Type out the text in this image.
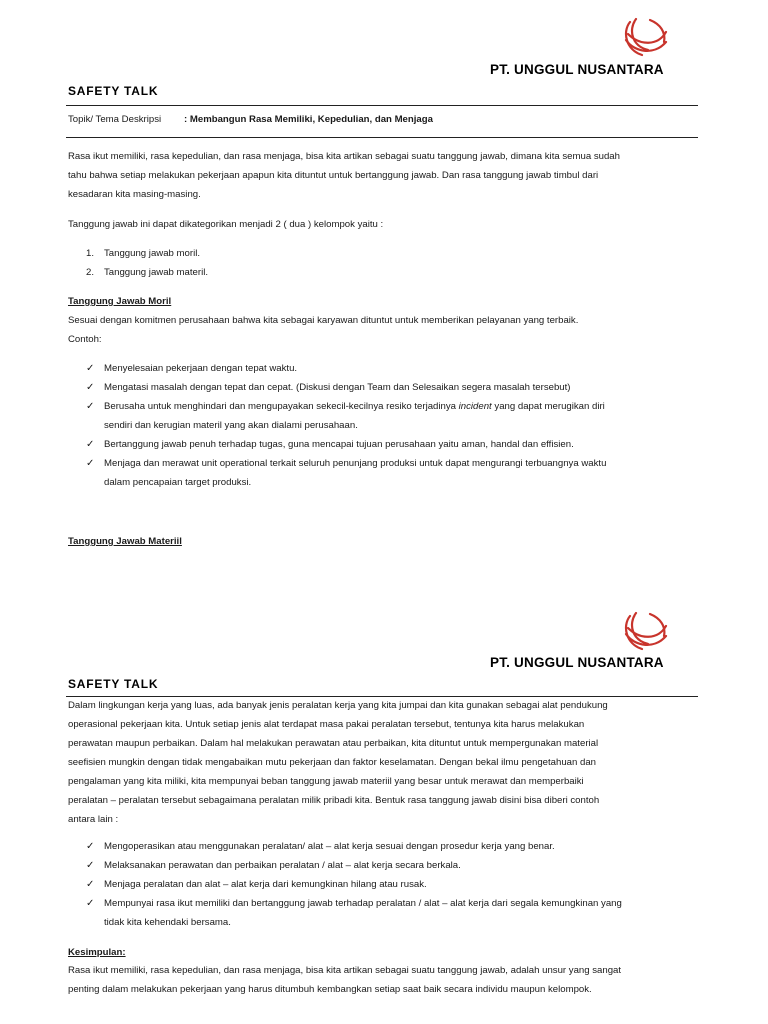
PT. UNGGUL NUSANTARA
SAFETY TALK
Topik/ Tema Deskripsi : Membangun Rasa Memiliki, Kepedulian, dan Menjaga

Rasa ikut memiliki, rasa kepedulian, dan rasa menjaga, bisa kita artikan sebagai suatu tanggung jawab, dimana kita semua sudah

tahu bahwa setiap melakukan pekerjaan apapun kita dituntut untuk bertanggung jawab. Dan rasa tanggung jawab timbul dari

kesadaran kita masing-masing.

Tanggung jawab ini dapat dikategorikan menjadi 2 ( dua ) kelompok yaitu :
1. Tanggung jawab moril.
2. Tanggung jawab materil.
Tanggung Jawab Moril
Sesuai dengan komitmen perusahaan bahwa kita sebagai karyawan dituntut untuk memberikan pelayanan yang terbaik.
Contoh:
✓ Menyelesaian pekerjaan dengan tepat waktu.
✓ Mengatasi masalah dengan tepat dan cepat. (Diskusi dengan Team dan Selesaikan segera masalah tersebut)
✓ Berusaha untuk menghindari dan mengupayakan sekecil-kecilnya resiko terjadinya incident yang dapat merugikan diri
sendiri dan kerugian materil yang akan dialami perusahaan.
✓ Bertanggung jawab penuh terhadap tugas, guna mencapai tujuan perusahaan yaitu aman, handal dan effisien.
✓ Menjaga dan merawat unit operational terkait seluruh penunjang produksi untuk dapat mengurangi terbuangnya waktu
dalam pencapaian target produksi.
Tanggung Jawab Materiil
PT. UNGGUL NUSANTARA
SAFETY TALK

Dalam lingkungan kerja yang luas, ada banyak jenis peralatan kerja yang kita jumpai dan kita gunakan sebagai alat pendukung

operasional pekerjaan kita. Untuk setiap jenis alat terdapat masa pakai peralatan tersebut, tentunya kita harus melakukan

perawatan maupun perbaikan. Dalam hal melakukan perawatan atau perbaikan, kita dituntut untuk mempergunakan material

seefisien mungkin dengan tidak mengabaikan mutu pekerjaan dan faktor keselamatan. Dengan bekal ilmu pengetahuan dan

pengalaman yang kita miliki, kita mempunyai beban tanggung jawab materiil yang besar untuk merawat dan memperbaiki

peralatan – peralatan tersebut sebagaimana peralatan milik pribadi kita. Bentuk rasa tanggung jawab disini bisa diberi contoh

antara lain :

✓ Mengoperasikan atau menggunakan peralatan/ alat – alat kerja sesuai dengan prosedur kerja yang benar.
✓ Melaksanakan perawatan dan perbaikan peralatan / alat – alat kerja secara berkala.
✓ Menjaga peralatan dan alat – alat kerja dari kemungkinan hilang atau rusak.
✓ Mempunyai rasa ikut memiliki dan bertanggung jawab terhadap peralatan / alat – alat kerja dari segala kemungkinan yang
tidak kita kehendaki bersama.
Kesimpulan:

Rasa ikut memiliki, rasa kepedulian, dan rasa menjaga, bisa kita artikan sebagai suatu tanggung jawab, adalah unsur yang sangat

penting dalam melakukan pekerjaan yang harus ditumbuh kembangkan setiap saat baik secara individu maupun kelompok.
